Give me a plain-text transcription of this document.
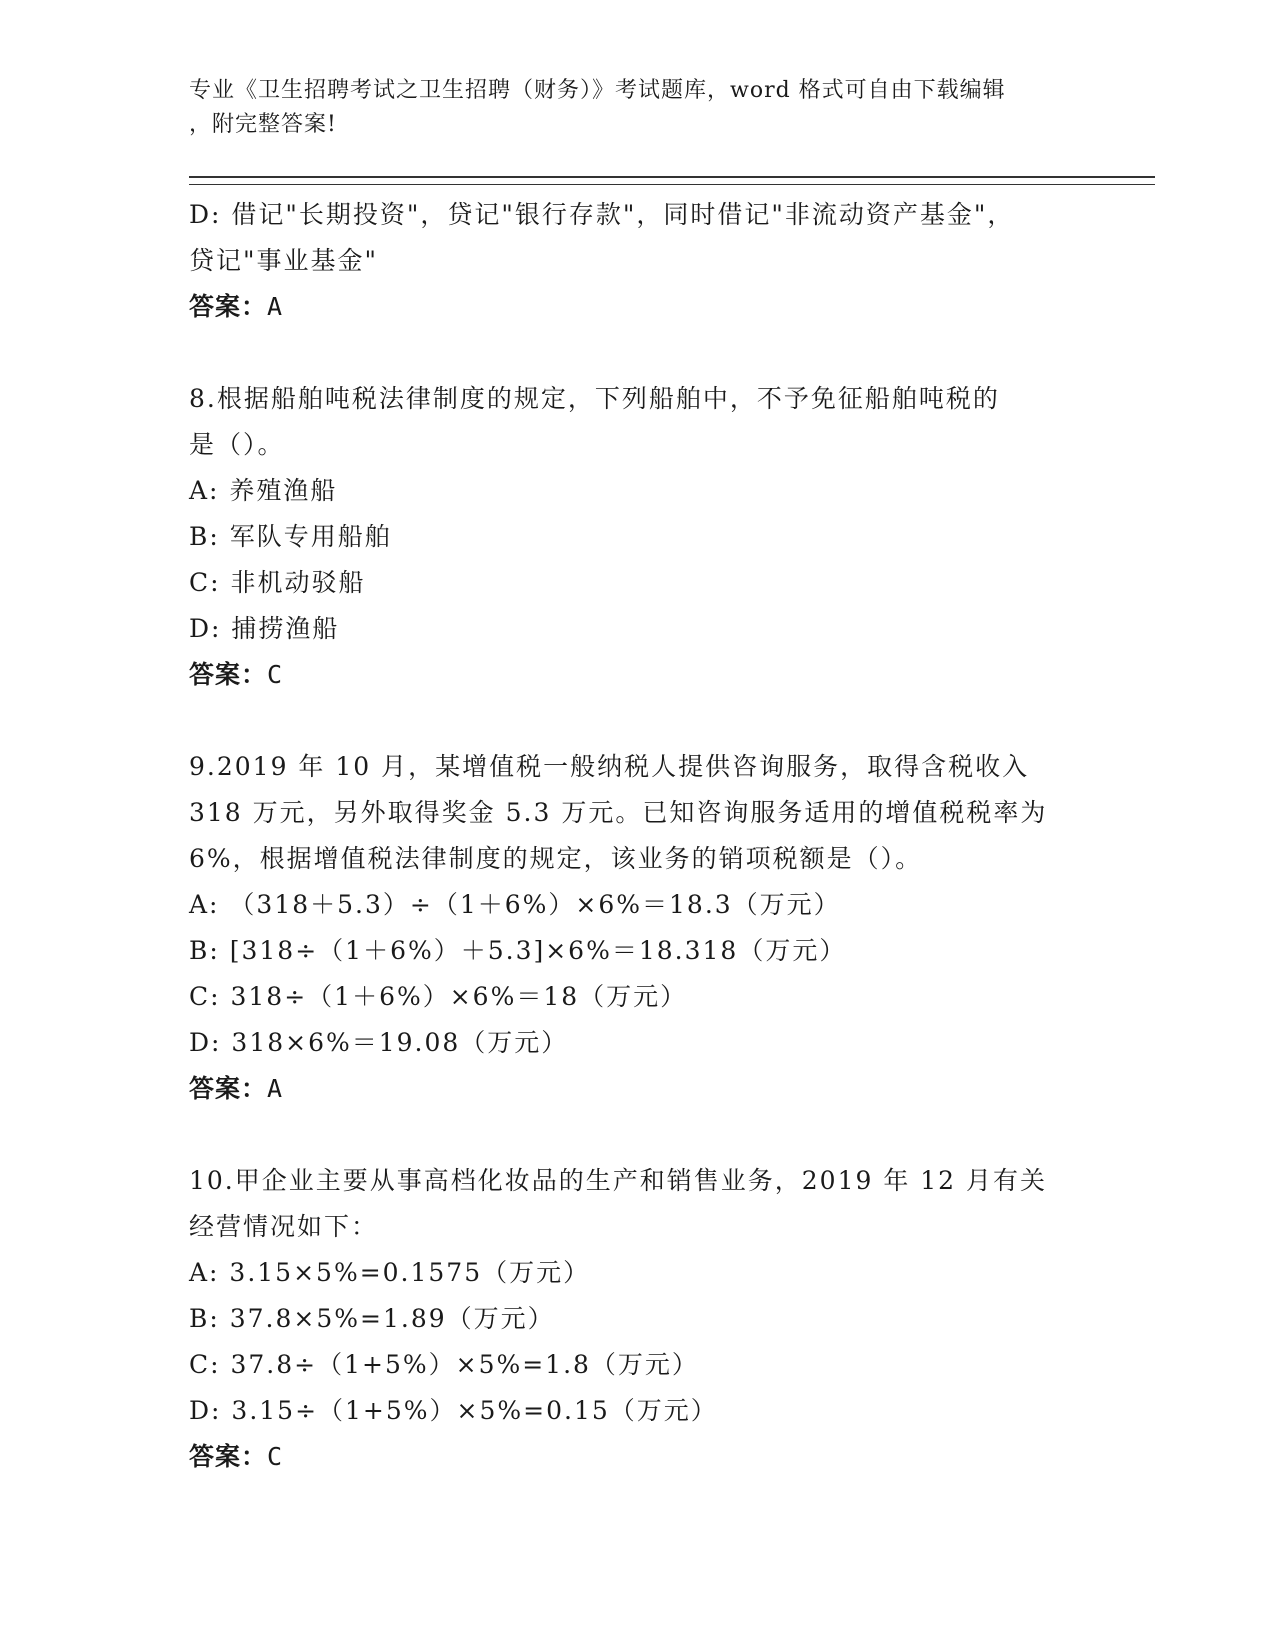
专业《卫生招聘考试之卫生招聘（财务）》考试题库，word 格式可自由下载编辑
，附完整答案!
D: 借记"长期投资"，贷记"银行存款"，同时借记"非流动资产基金"，
贷记"事业基金"
答案：A
8.根据船舶吨税法律制度的规定，下列船舶中，不予免征船舶吨税的
是（）。
A: 养殖渔船
B: 军队专用船舶
C: 非机动驳船
D: 捕捞渔船
答案：C
9.2019 年 10 月，某增值税一般纳税人提供咨询服务，取得含税收入
318 万元，另外取得奖金 5.3 万元。已知咨询服务适用的增值税税率为
6%，根据增值税法律制度的规定，该业务的销项税额是（）。
A: （318＋5.3）÷（1＋6%）×6%＝18.3（万元）
B: [318÷（1＋6%）＋5.3]×6%＝18.318（万元）
C: 318÷（1＋6%）×6%＝18（万元）
D: 318×6%＝19.08（万元）
答案：A
10.甲企业主要从事高档化妆品的生产和销售业务，2019 年 12 月有关
经营情况如下：
A: 3.15×5%=0.1575（万元）
B: 37.8×5%=1.89（万元）
C: 37.8÷（1+5%）×5%=1.8（万元）
D: 3.15÷（1+5%）×5%=0.15（万元）
答案：C
